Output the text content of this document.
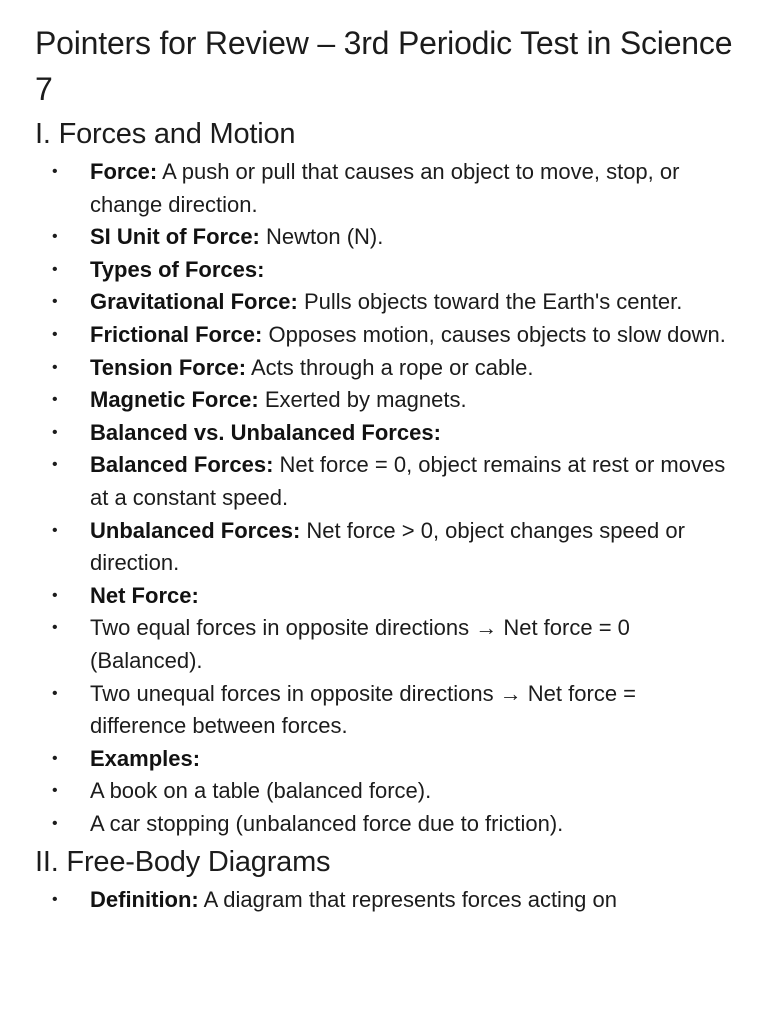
Pointers for Review – 3rd Periodic Test in Science 7
I. Forces and Motion
• Force: A push or pull that causes an object to move, stop, or change direction.
• SI Unit of Force: Newton (N).
• Types of Forces:
• Gravitational Force: Pulls objects toward the Earth's center.
• Frictional Force: Opposes motion, causes objects to slow down.
• Tension Force: Acts through a rope or cable.
• Magnetic Force: Exerted by magnets.
• Balanced vs. Unbalanced Forces:
• Balanced Forces: Net force = 0, object remains at rest or moves at a constant speed.
• Unbalanced Forces: Net force > 0, object changes speed or direction.
• Net Force:
• Two equal forces in opposite directions → Net force = 0 (Balanced).
• Two unequal forces in opposite directions → Net force = difference between forces.
• Examples:
• A book on a table (balanced force).
• A car stopping (unbalanced force due to friction).
II. Free-Body Diagrams
• Definition: A diagram that represents forces acting on
